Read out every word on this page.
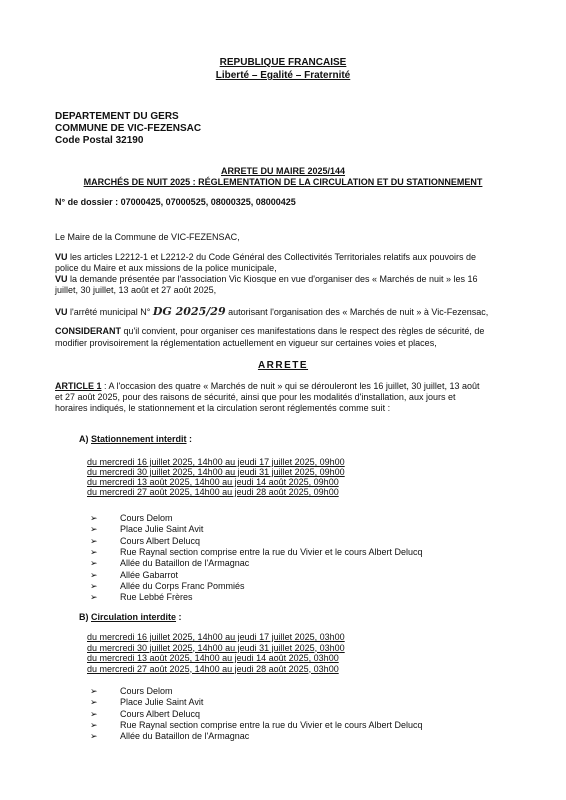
REPUBLIQUE FRANCAISE
Liberté – Egalité – Fraternité
DEPARTEMENT DU GERS
COMMUNE DE VIC-FEZENSAC
Code Postal 32190
ARRETE DU MAIRE 2025/144
MARCHÉS DE NUIT 2025 : RÉGLEMENTATION DE LA CIRCULATION ET DU STATIONNEMENT
N° de dossier : 07000425, 07000525, 08000325, 08000425
Le Maire de la Commune de VIC-FEZENSAC,
VU les articles L2212-1 et L2212-2 du Code Général des Collectivités Territoriales relatifs aux pouvoirs de
police du Maire et aux missions de la police municipale,
VU la demande présentée par l'association Vic Kiosque en vue d'organiser des « Marchés de nuit » les 16
juillet, 30 juillet, 13 août et 27 août 2025,
VU l'arrêté municipal N° DG 2025/29 autorisant l'organisation des « Marchés de nuit » à Vic-Fezensac,
CONSIDERANT qu'il convient, pour organiser ces manifestations dans le respect des règles de sécurité, de
modifier provisoirement la réglementation actuellement en vigueur sur certaines voies et places,
ARRETE
ARTICLE 1 : A l'occasion des quatre « Marchés de nuit » qui se dérouleront les 16 juillet, 30 juillet, 13 août
et 27 août 2025, pour des raisons de sécurité, ainsi que pour les modalités d'installation, aux jours et
horaires indiqués, le stationnement et la circulation seront réglementés comme suit :
A) Stationnement interdit :
du mercredi 16 juillet 2025, 14h00 au jeudi 17 juillet 2025, 09h00
du mercredi 30 juillet 2025, 14h00 au jeudi 31 juillet 2025, 09h00
du mercredi 13 août 2025, 14h00 au jeudi 14 août 2025, 09h00
du mercredi 27 août 2025, 14h00 au jeudi 28 août 2025, 09h00
➢ Cours Delom
➢ Place Julie Saint Avit
➢ Cours Albert Delucq
➢ Rue Raynal section comprise entre la rue du Vivier et le cours Albert Delucq
➢ Allée du Bataillon de l'Armagnac
➢ Allée Gabarrot
➢ Allée du Corps Franc Pommiés
➢ Rue Lebbé Frères
B) Circulation interdite :
du mercredi 16 juillet 2025, 14h00 au jeudi 17 juillet 2025, 03h00
du mercredi 30 juillet 2025, 14h00 au jeudi 31 juillet 2025, 03h00
du mercredi 13 août 2025, 14h00 au jeudi 14 août 2025, 03h00
du mercredi 27 août 2025, 14h00 au jeudi 28 août 2025, 03h00
➢ Cours Delom
➢ Place Julie Saint Avit
➢ Cours Albert Delucq
➢ Rue Raynal section comprise entre la rue du Vivier et le cours Albert Delucq
➢ Allée du Bataillon de l'Armagnac
